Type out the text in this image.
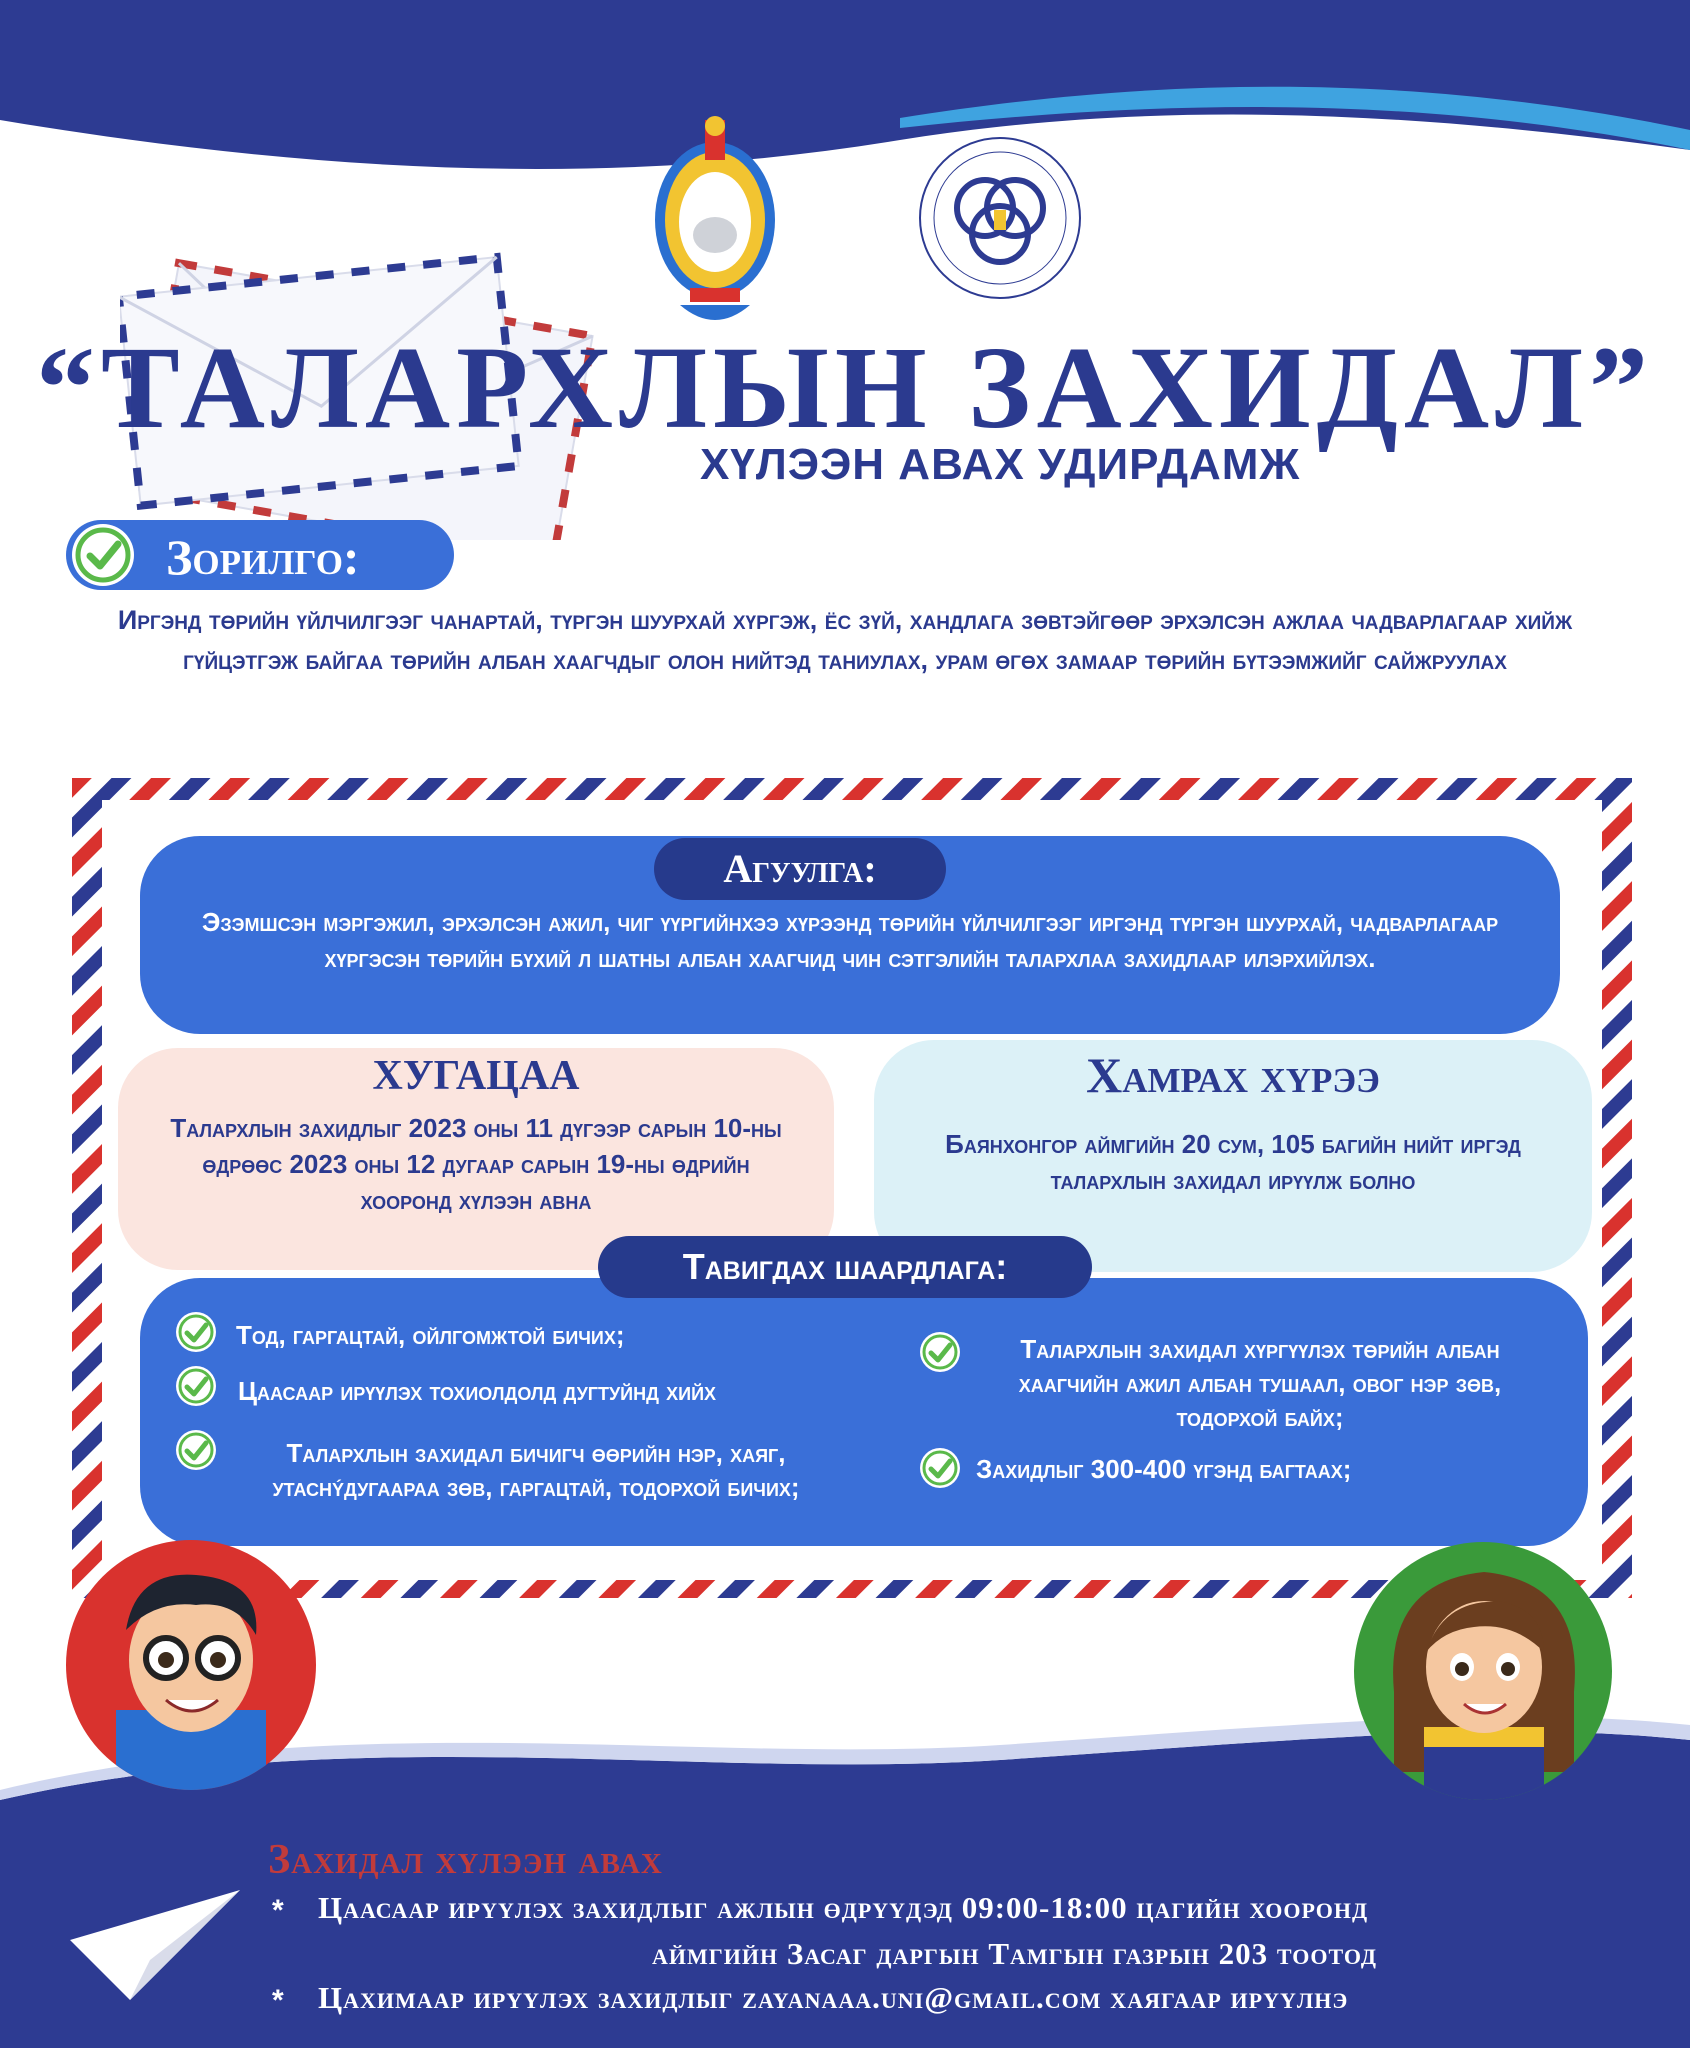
“ТАЛАРХЛЫН ЗАХИДАЛ”
ХҮЛЭЭН АВАХ УДИРДАМЖ
Зорилго:
Иргэнд төрийн үйлчилгээг чанартай, түргэн шуурхай хүргэж, ёс зүй, хандлага зөвтэйгөөр эрхэлсэн ажлаа чадварлагаар хийж гүйцэтгэж байгаа төрийн албан хаагчдыг олон нийтэд таниулах, урам өгөх замаар төрийн бүтээмжийг сайжруулах
Агуулга:
Эзэмшсэн мэргэжил, эрхэлсэн ажил, чиг үүргийнхээ хүрээнд төрийн үйлчилгээг иргэнд түргэн шуурхай, чадварлагаар хүргэсэн төрийн бүхий л шатны албан хаагчид чин сэтгэлийн талархлаа захидлаар илэрхийлэх.
ХУГАЦАА
Талархлын захидлыг 2023 оны 11 дүгээр сарын 10-ны өдрөөс 2023 оны 12 дугаар сарын 19-ны өдрийн хооронд хүлээн авна
Хамрах хүрээ
Баянхонгор аймгийн 20 сум, 105 багийн нийт иргэд талархлын захидал ирүүлж болно
Тавигдах шаардлага:
Тод, гаргацтай, ойлгомжтой бичих;
Цаасаар ирүүлэх тохиолдолд дугтуйнд хийх
Талархлын захидал бичигч өөрийн нэр, хаяг, утаснýдугаараа зөв, гаргацтай, тодорхой бичих;
Талархлын захидал хүргүүлэх төрийн албан хаагчийн ажил албан тушаал, овог нэр зөв, тодорхой байх;
Захидлыг 300-400 үгэнд багтаах;
Захидал хүлээн авах
* Цаасаар ирүүлэх захидлыг ажлын өдрүүдэд 09:00-18:00 цагийн хооронд
аймгийн Засаг даргын Тамгын газрын 203 тоотод
* Цахимаар ирүүлэх захидлыг zayanaaa.uni@gmail.com хаягаар ирүүлнэ
